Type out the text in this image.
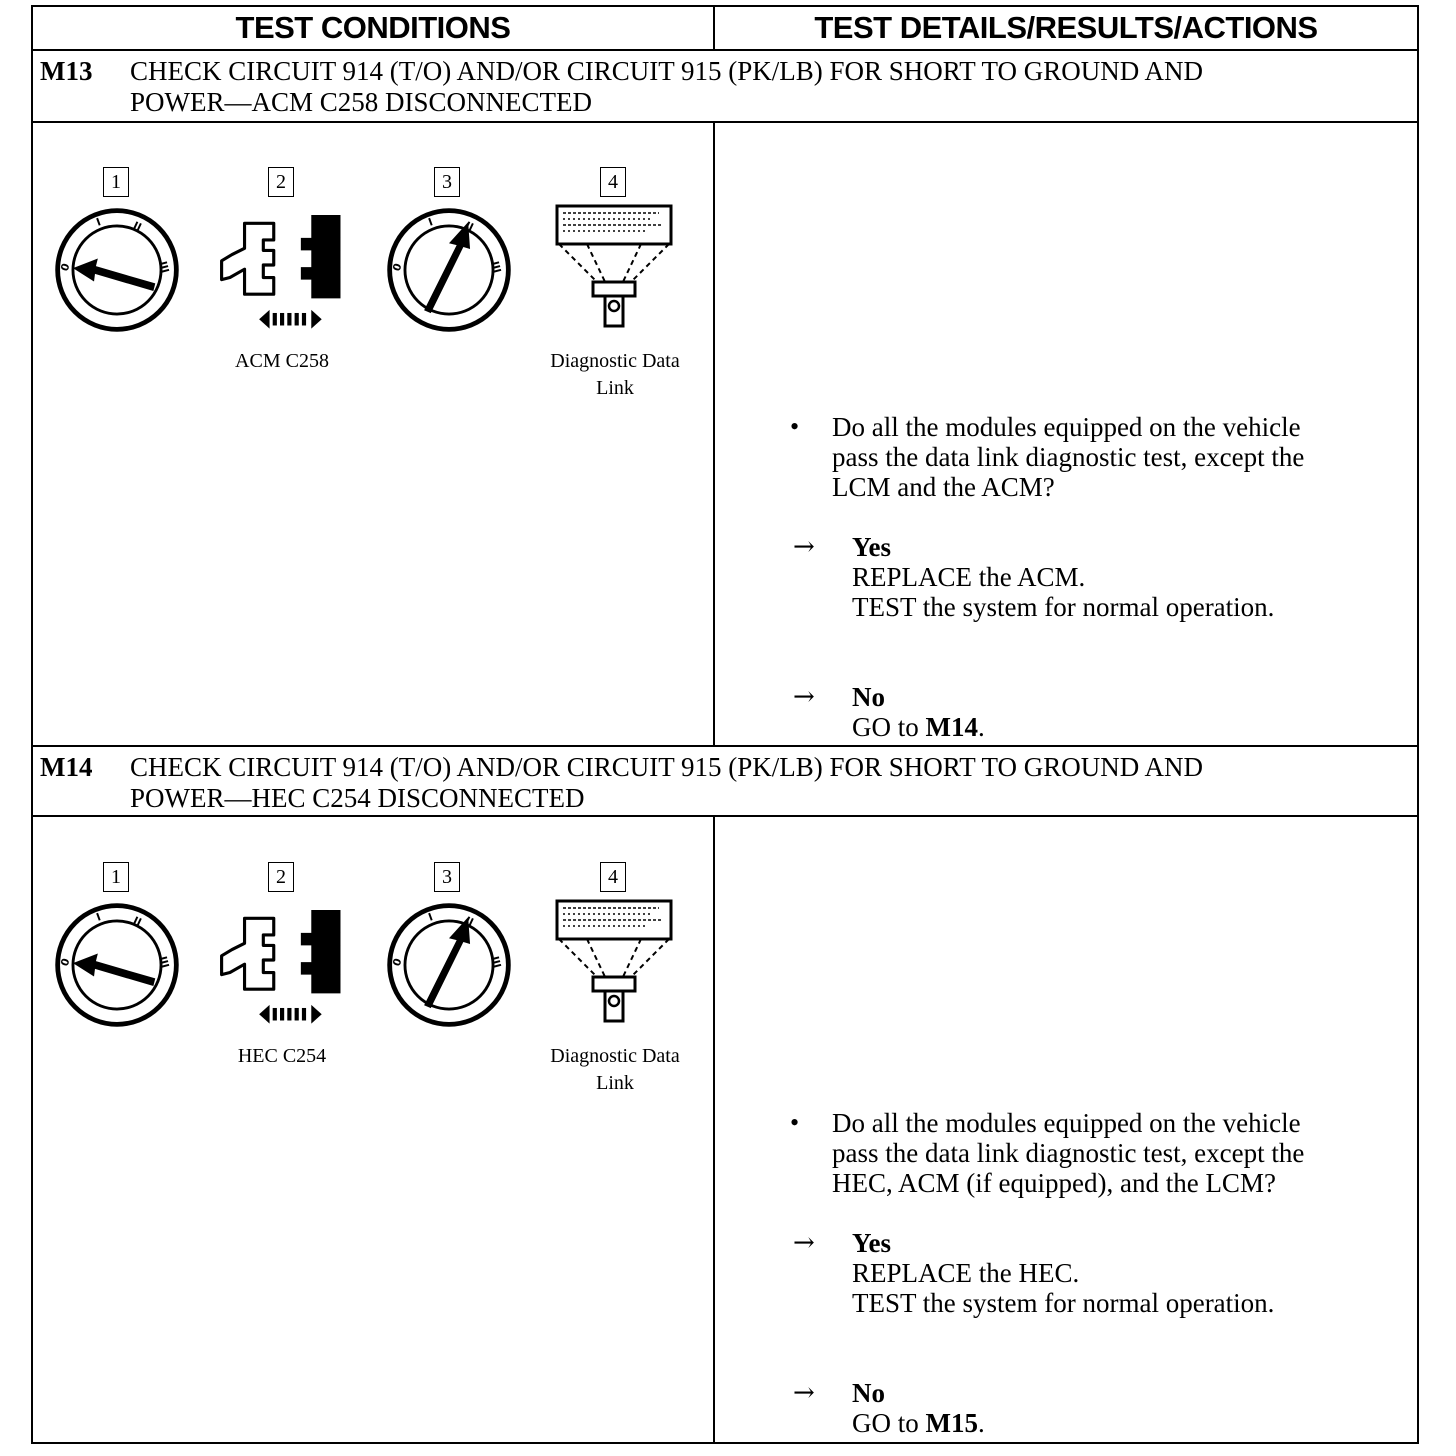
TEST CONDITIONS	TEST DETAILS/RESULTS/ACTIONS
M13 CHECK CIRCUIT 914 (T/O) AND/OR CIRCUIT 915 (PK/LB) FOR SHORT TO GROUND AND
POWER—ACM C258 DISCONNECTED
1	2	3	4
ACM C258	Diagnostic Data
Link
• Do all the modules equipped on the vehicle
pass the data link diagnostic test, except the
LCM and the ACM?
→ Yes
REPLACE the ACM.
TEST the system for normal operation.
→ No
GO to M14.
M14 CHECK CIRCUIT 914 (T/O) AND/OR CIRCUIT 915 (PK/LB) FOR SHORT TO GROUND AND
POWER—HEC C254 DISCONNECTED
1	2	3	4
HEC C254	Diagnostic Data
Link
• Do all the modules equipped on the vehicle
pass the data link diagnostic test, except the
HEC, ACM (if equipped), and the LCM?
→ Yes
REPLACE the HEC.
TEST the system for normal operation.
→ No
GO to M15.
